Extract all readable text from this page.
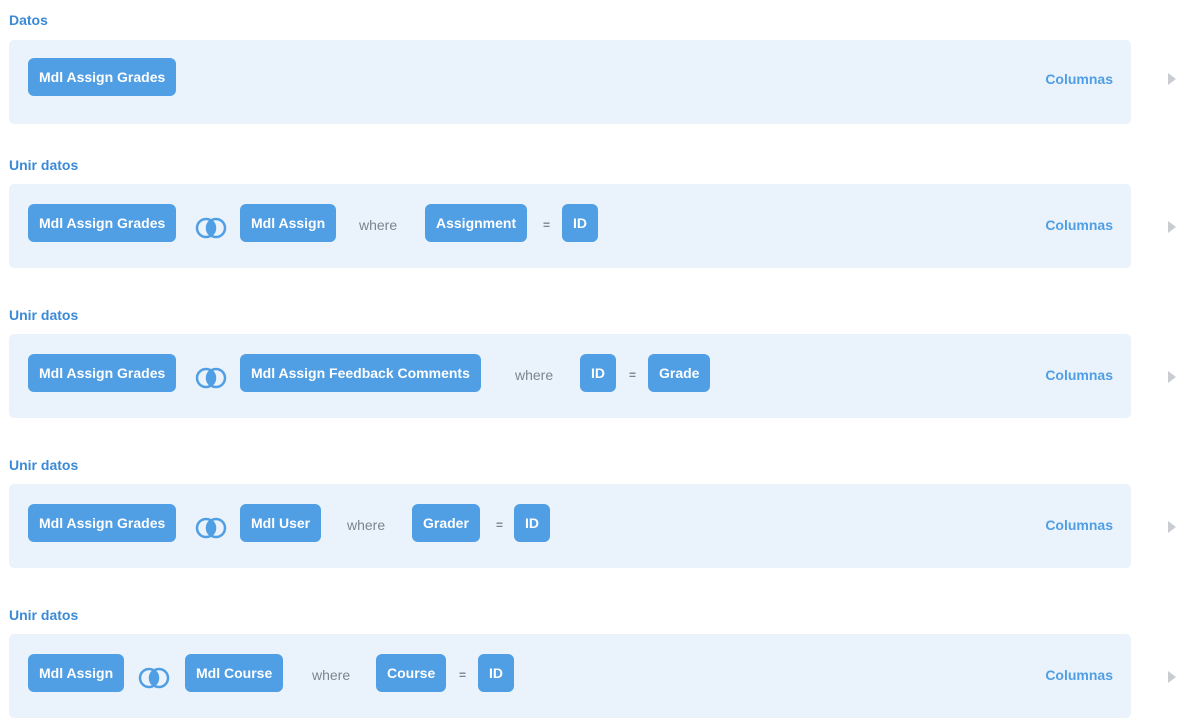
Datos
Mdl Assign Grades	Columnas
Unir datos
Mdl Assign Grades	Mdl Assign	where	Assignment	=	ID	Columnas
Unir datos
Mdl Assign Grades	Mdl Assign Feedback Comments	where	ID	=	Grade	Columnas
Unir datos
Mdl Assign Grades	Mdl User	where	Grader	=	ID	Columnas
Unir datos
Mdl Assign	Mdl Course	where	Course	=	ID	Columnas
